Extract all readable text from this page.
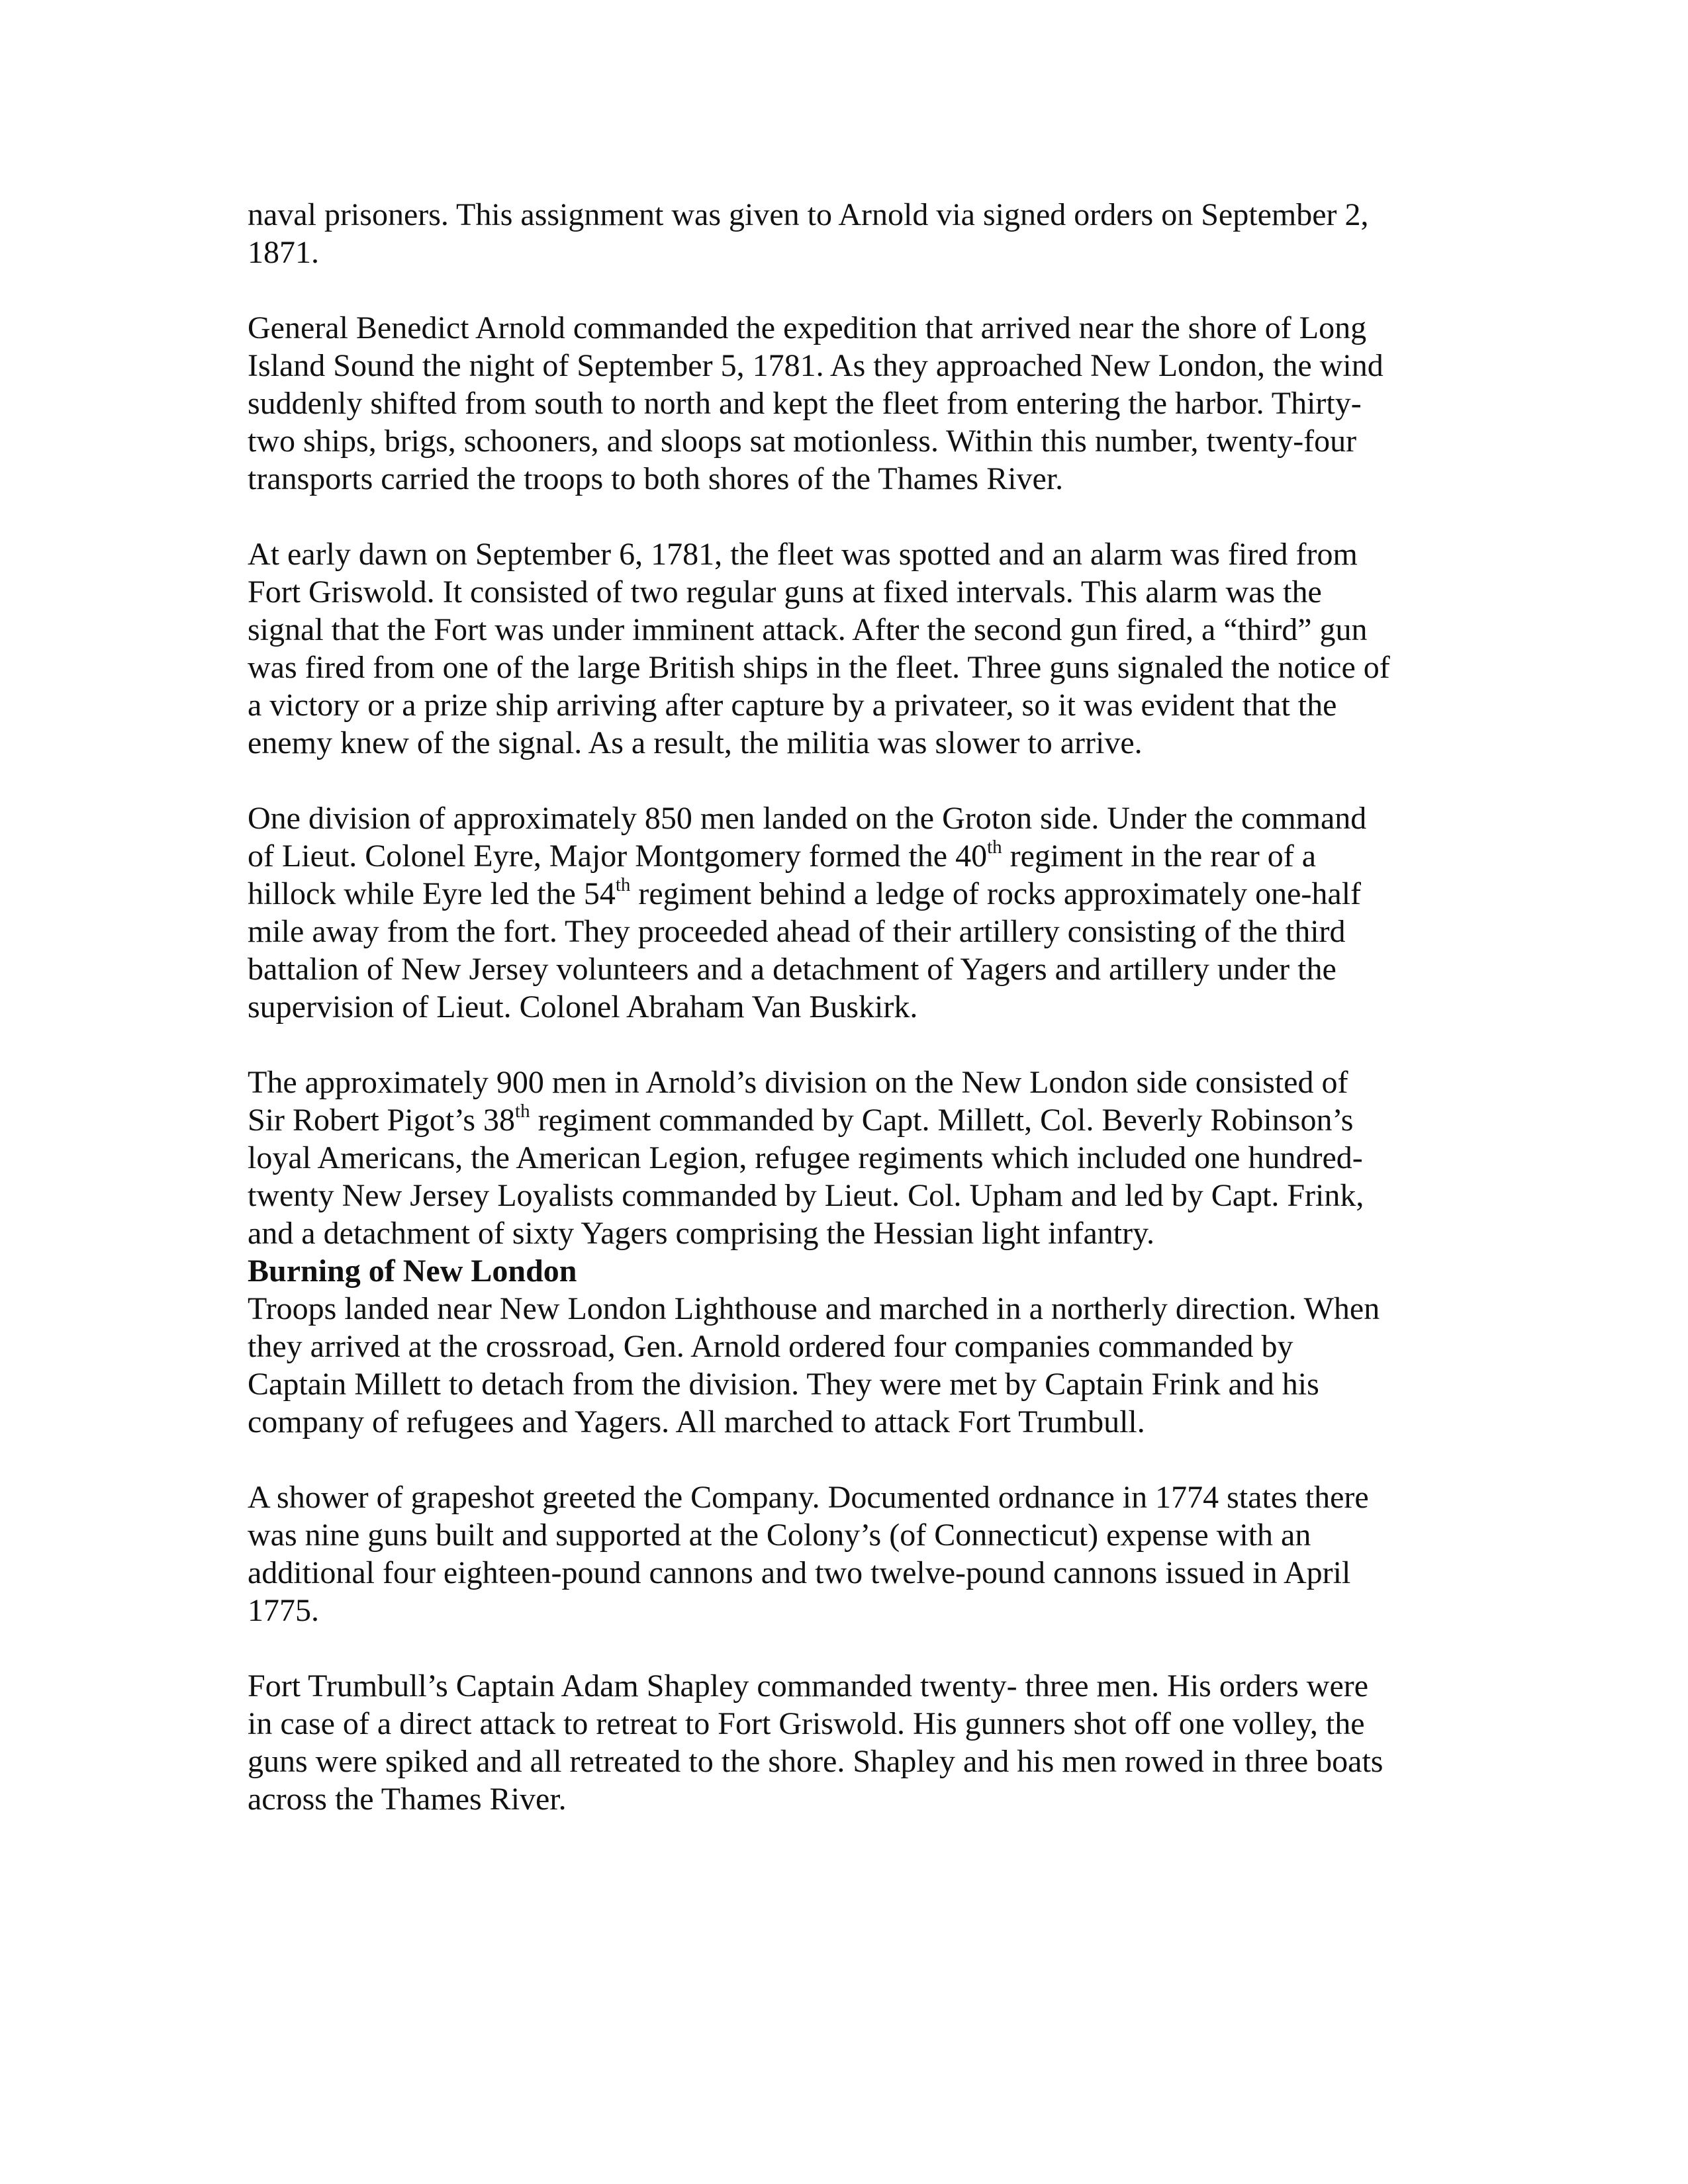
naval prisoners. This assignment was given to Arnold via signed orders on September 2,
1871.

General Benedict Arnold commanded the expedition that arrived near the shore of Long
Island Sound the night of September 5, 1781. As they approached New London, the wind
suddenly shifted from south to north and kept the fleet from entering the harbor. Thirty-
two ships, brigs, schooners, and sloops sat motionless. Within this number, twenty-four
transports carried the troops to both shores of the Thames River.

At early dawn on September 6, 1781, the fleet was spotted and an alarm was fired from
Fort Griswold. It consisted of two regular guns at fixed intervals. This alarm was the
signal that the Fort was under imminent attack. After the second gun fired, a “third” gun
was fired from one of the large British ships in the fleet. Three guns signaled the notice of
a victory or a prize ship arriving after capture by a privateer, so it was evident that the
enemy knew of the signal. As a result, the militia was slower to arrive.

One division of approximately 850 men landed on the Groton side. Under the command
of Lieut. Colonel Eyre, Major Montgomery formed the 40th regiment in the rear of a
hillock while Eyre led the 54th regiment behind a ledge of rocks approximately one-half
mile away from the fort. They proceeded ahead of their artillery consisting of the third
battalion of New Jersey volunteers and a detachment of Yagers and artillery under the
supervision of Lieut. Colonel Abraham Van Buskirk.

The approximately 900 men in Arnold’s division on the New London side consisted of
Sir Robert Pigot’s 38th regiment commanded by Capt. Millett, Col. Beverly Robinson’s
loyal Americans, the American Legion, refugee regiments which included one hundred-
twenty New Jersey Loyalists commanded by Lieut. Col. Upham and led by Capt. Frink,
and a detachment of sixty Yagers comprising the Hessian light infantry.

Burning of New London

Troops landed near New London Lighthouse and marched in a northerly direction. When
they arrived at the crossroad, Gen. Arnold ordered four companies commanded by
Captain Millett to detach from the division. They were met by Captain Frink and his
company of refugees and Yagers. All marched to attack Fort Trumbull.

A shower of grapeshot greeted the Company. Documented ordnance in 1774 states there
was nine guns built and supported at the Colony’s (of Connecticut) expense with an
additional four eighteen-pound cannons and two twelve-pound cannons issued in April
1775.

Fort Trumbull’s Captain Adam Shapley commanded twenty- three men. His orders were
in case of a direct attack to retreat to Fort Griswold. His gunners shot off one volley, the
guns were spiked and all retreated to the shore. Shapley and his men rowed in three boats
across the Thames River.
